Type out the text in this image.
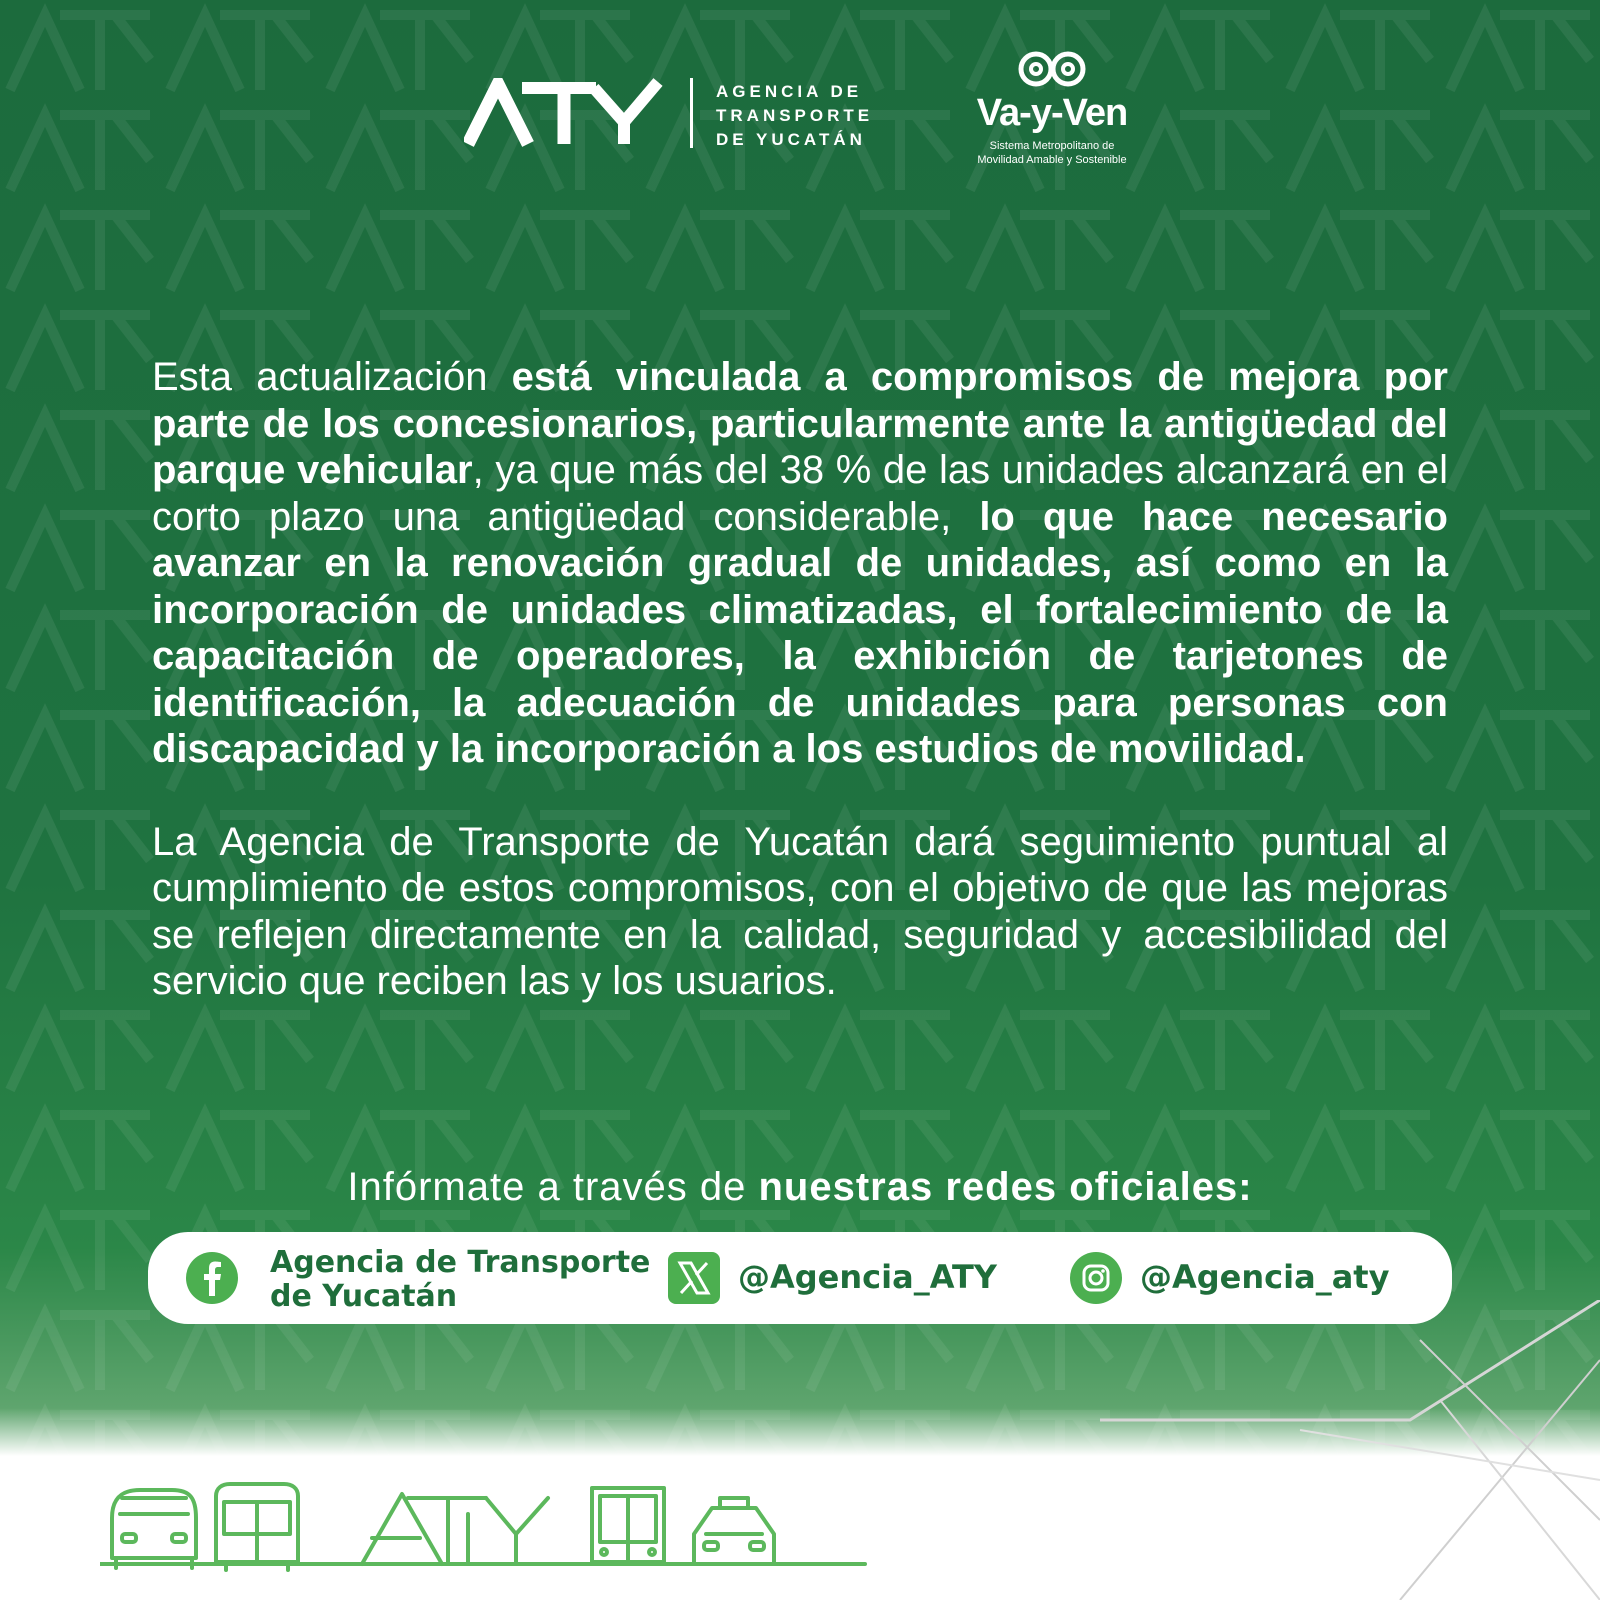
AGENCIA DE
TRANSPORTE
DE YUCATÁN
Va-y-Ven
Sistema Metropolitano de
Movilidad Amable y Sostenible

Esta actualización está vinculada a compromisos de mejora por parte de los concesionarios, particularmente ante la antigüedad del parque vehicular, ya que más del 38 % de las unidades alcanzará en el corto plazo una antigüedad considerable, lo que hace necesario avanzar en la renovación gradual de unidades, así como en la incorporación de unidades climatizadas, el fortalecimiento de la capacitación de operadores, la exhibición de tarjetones de identificación, la adecuación de unidades para personas con discapacidad y la incorporación a los estudios de movilidad.

La Agencia de Transporte de Yucatán dará seguimiento puntual al cumplimiento de estos compromisos, con el objetivo de que las mejoras se reflejen directamente en la calidad, seguridad y accesibilidad del servicio que reciben las y los usuarios.

Infórmate a través de nuestras redes oficiales:
Agencia de Transporte
de Yucatán
@Agencia_ATY	@Agencia_aty
